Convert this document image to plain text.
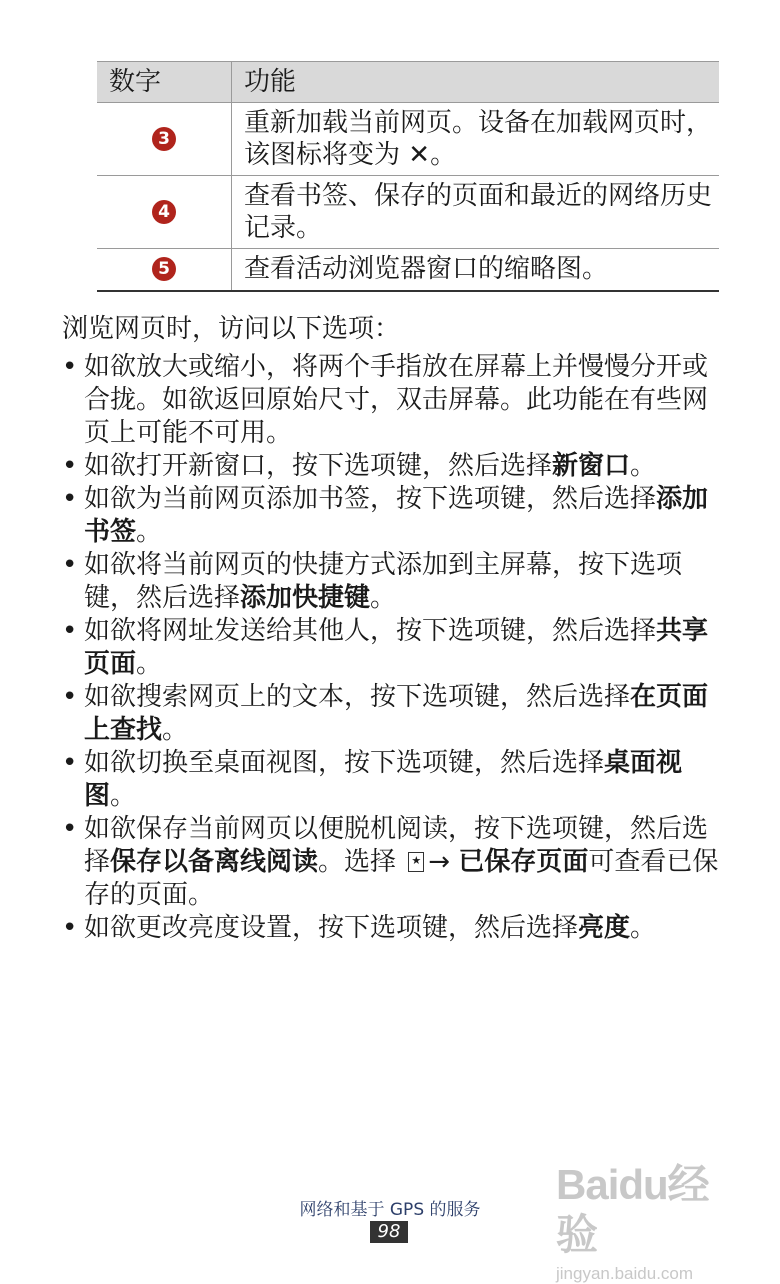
数字	功能

3	重新加载当前网页。设备在加载网页时，该图标将变为 ✕。

4	查看书签、保存的页面和最近的网络历史记录。

5	查看活动浏览器窗口的缩略图。

浏览网页时，访问以下选项：

• 如欲放大或缩小，将两个手指放在屏幕上并慢慢分开或合拢。如欲返回原始尺寸，双击屏幕。此功能在有些网页上可能不可用。
• 如欲打开新窗口，按下选项键，然后选择新窗口。
• 如欲为当前网页添加书签，按下选项键，然后选择添加书签。
• 如欲将当前网页的快捷方式添加到主屏幕，按下选项键，然后选择添加快捷键。
• 如欲将网址发送给其他人，按下选项键，然后选择共享页面。
• 如欲搜索网页上的文本，按下选项键，然后选择在页面上查找。
• 如欲切换至桌面视图，按下选项键，然后选择桌面视图。
• 如欲保存当前网页以便脱机阅读，按下选项键，然后选择保存以备离线阅读。选择 ★→ 已保存页面可查看已保存的页面。
• 如欲更改亮度设置，按下选项键，然后选择亮度。
网络和基于 GPS 的服务
98
Baidu经验
jingyan.baidu.com
